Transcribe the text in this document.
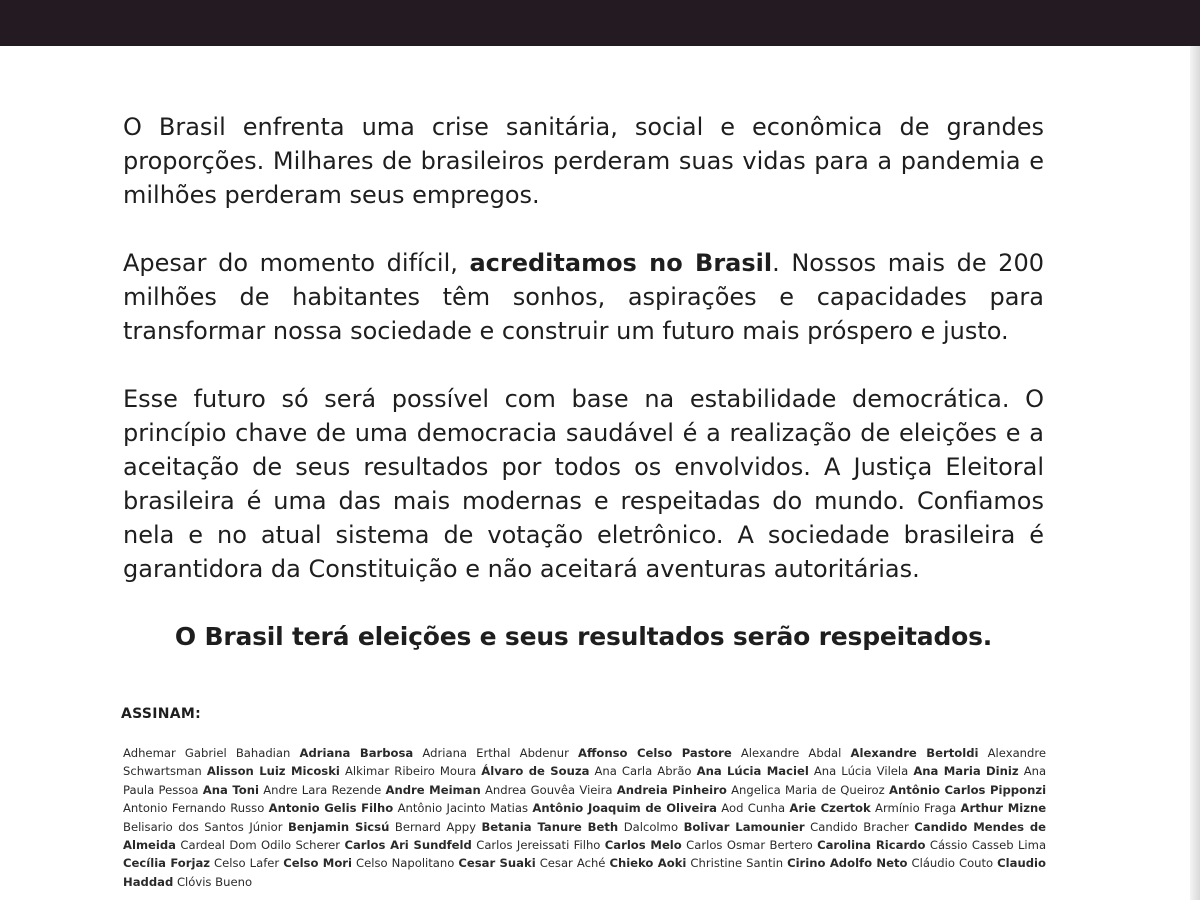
O Brasil enfrenta uma crise sanitária, social e econômica de grandes proporções. Milhares de brasileiros perderam suas vidas para a pandemia e milhões perderam seus empregos.

Apesar do momento difícil, acreditamos no Brasil. Nossos mais de 200 milhões de habitantes têm sonhos, aspirações e capacidades para transformar nossa sociedade e construir um futuro mais próspero e justo.

Esse futuro só será possível com base na estabilidade democrática. O princípio chave de uma democracia saudável é a realização de eleições e a aceitação de seus resultados por todos os envolvidos. A Justiça Eleitoral brasileira é uma das mais modernas e respeitadas do mundo. Confiamos nela e no atual sistema de votação eletrônico. A sociedade brasileira é garantidora da Constituição e não aceitará aventuras autoritárias.

O Brasil terá eleições e seus resultados serão respeitados.
ASSINAM:
Adhemar Gabriel Bahadian Adriana Barbosa Adriana Erthal Abdenur Affonso Celso Pastore Alexandre Abdal Alexandre Bertoldi Alexandre Schwartsman Alisson Luiz Micoski Alkimar Ribeiro Moura Álvaro de Souza Ana Carla Abrão Ana Lúcia Maciel Ana Lúcia Vilela Ana Maria Diniz Ana Paula Pessoa Ana Toni Andre Lara Rezende Andre Meiman Andrea Gouvêa Vieira Andreia Pinheiro Angelica Maria de Queiroz Antônio Carlos Pipponzi Antonio Fernando Russo Antonio Gelis Filho Antônio Jacinto Matias Antônio Joaquim de Oliveira Aod Cunha Arie Czertok Armínio Fraga Arthur Mizne Belisario dos Santos Júnior Benjamin Sicsú Bernard Appy Betania Tanure Beth Dalcolmo Bolivar Lamounier Candido Bracher Candido Mendes de Almeida Cardeal Dom Odilo Scherer Carlos Ari Sundfeld Carlos Jereissati Filho Carlos Melo Carlos Osmar Bertero Carolina Ricardo Cássio Casseb Lima Cecília Forjaz Celso Lafer Celso Mori Celso Napolitano Cesar Suaki Cesar Aché Chieko Aoki Christine Santin Cirino Adolfo Neto Cláudio Couto Claudio Haddad Clóvis Bueno
